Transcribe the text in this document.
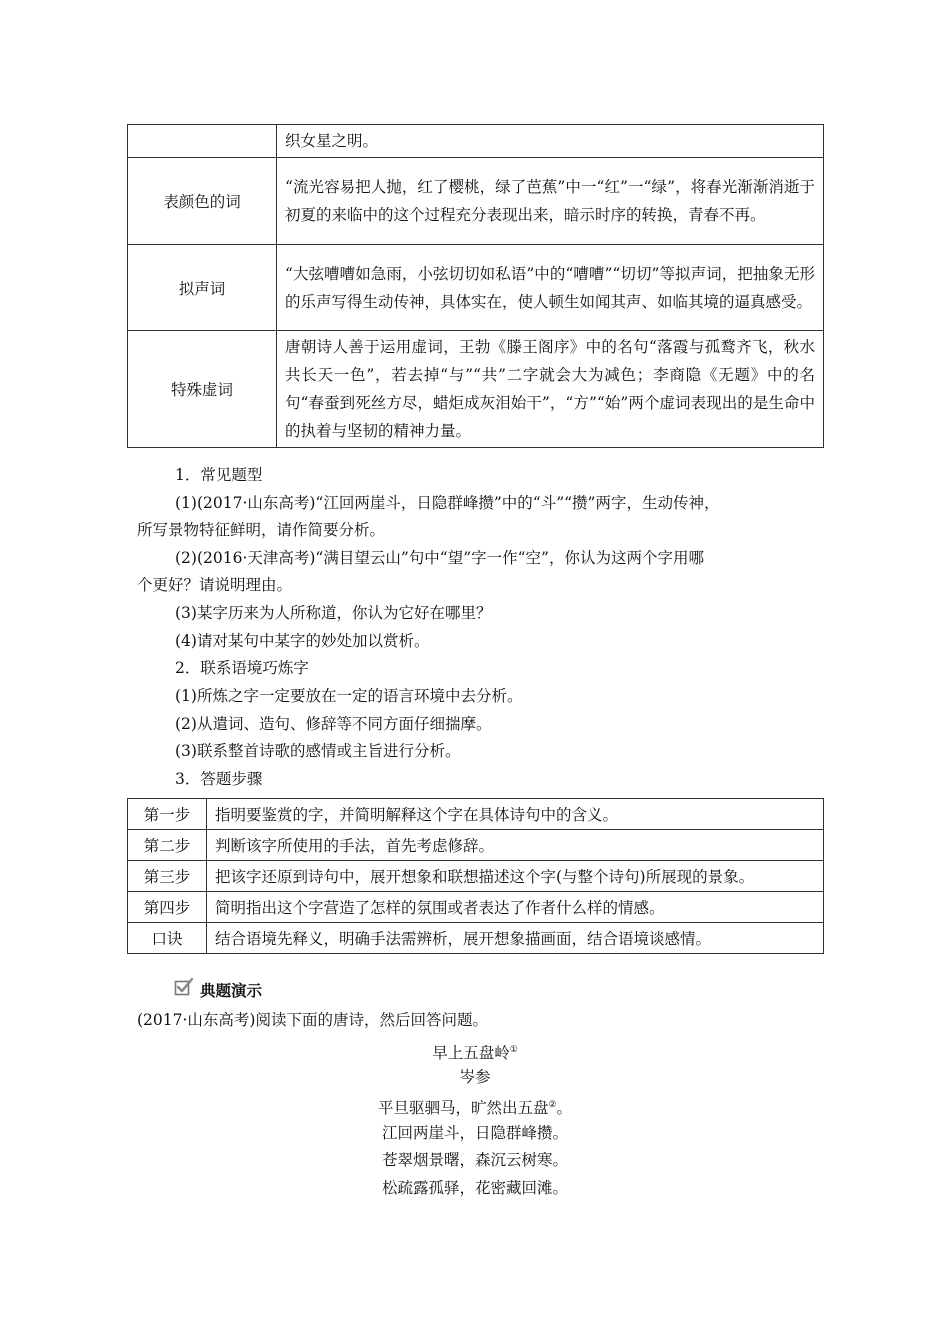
	织女星之明。
表颜色的词	“流光容易把人抛，红了樱桃，绿了芭蕉”中一“红”一“绿”，将春光渐渐消逝于初夏的来临中的这个过程充分表现出来，暗示时序的转换，青春不再。
拟声词	“大弦嘈嘈如急雨，小弦切切如私语”中的“嘈嘈”“切切”等拟声词，把抽象无形的乐声写得生动传神，具体实在，使人顿生如闻其声、如临其境的逼真感受。
特殊虚词	唐朝诗人善于运用虚词，王勃《滕王阁序》中的名句“落霞与孤鹜齐飞，秋水共长天一色”，若去掉“与”“共”二字就会大为减色；李商隐《无题》中的名句“春蚕到死丝方尽，蜡炬成灰泪始干”，“方”“始”两个虚词表现出的是生命中的执着与坚韧的精神力量。
1．常见题型
(1)(2017·山东高考)“江回两崖斗，日隐群峰攒”中的“斗”“攒”两字，生动传神，
所写景物特征鲜明，请作简要分析。
(2)(2016·天津高考)“满目望云山”句中“望”字一作“空”，你认为这两个字用哪
个更好？请说明理由。
(3)某字历来为人所称道，你认为它好在哪里？
(4)请对某句中某字的妙处加以赏析。
2．联系语境巧炼字
(1)所炼之字一定要放在一定的语言环境中去分析。
(2)从遣词、造句、修辞等不同方面仔细揣摩。
(3)联系整首诗歌的感情或主旨进行分析。
3．答题步骤
第一步	指明要鉴赏的字，并简明解释这个字在具体诗句中的含义。
第二步	判断该字所使用的手法，首先考虑修辞。
第三步	把该字还原到诗句中，展开想象和联想描述这个字(与整个诗句)所展现的景象。
第四步	简明指出这个字营造了怎样的氛围或者表达了作者什么样的情感。
口诀	结合语境先释义，明确手法需辨析，展开想象描画面，结合语境谈感情。
典题演示
(2017·山东高考)阅读下面的唐诗，然后回答问题。
早上五盘岭①
岑参
平旦驱驷马，旷然出五盘②。
江回两崖斗，日隐群峰攒。
苍翠烟景曙，森沉云树寒。
松疏露孤驿，花密藏回滩。
